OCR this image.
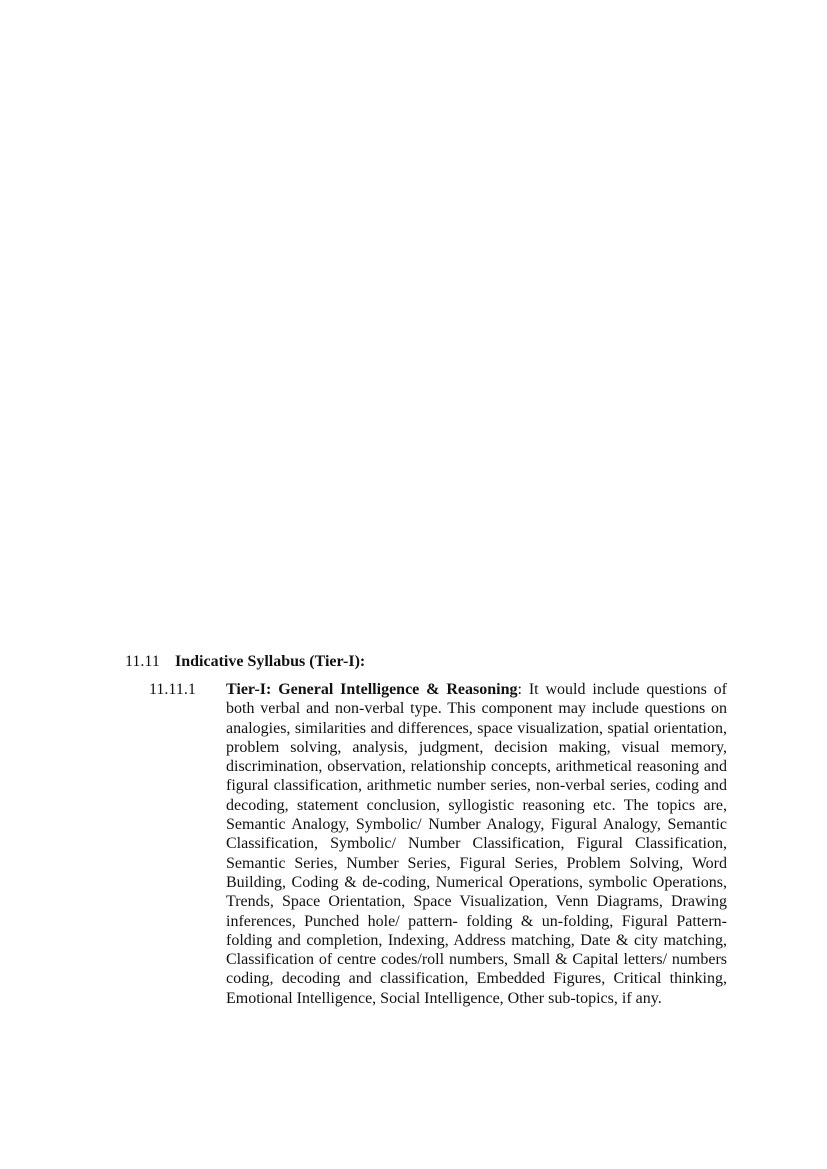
11.11 Indicative Syllabus (Tier-I):
11.11.1 Tier-I: General Intelligence & Reasoning: It would include questions of both verbal and non-verbal type. This component may include questions on analogies, similarities and differences, space visualization, spatial orientation, problem solving, analysis, judgment, decision making, visual memory, discrimination, observation, relationship concepts, arithmetical reasoning and figural classification, arithmetic number series, non-verbal series, coding and decoding, statement conclusion, syllogistic reasoning etc. The topics are, Semantic Analogy, Symbolic/ Number Analogy, Figural Analogy, Semantic Classification, Symbolic/ Number Classification, Figural Classification, Semantic Series, Number Series, Figural Series, Problem Solving, Word Building, Coding & de-coding, Numerical Operations, symbolic Operations, Trends, Space Orientation, Space Visualization, Venn Diagrams, Drawing inferences, Punched hole/ pattern- folding & un-folding, Figural Pattern- folding and completion, Indexing, Address matching, Date & city matching, Classification of centre codes/roll numbers, Small & Capital letters/ numbers coding, decoding and classification, Embedded Figures, Critical thinking, Emotional Intelligence, Social Intelligence, Other sub-topics, if any.
